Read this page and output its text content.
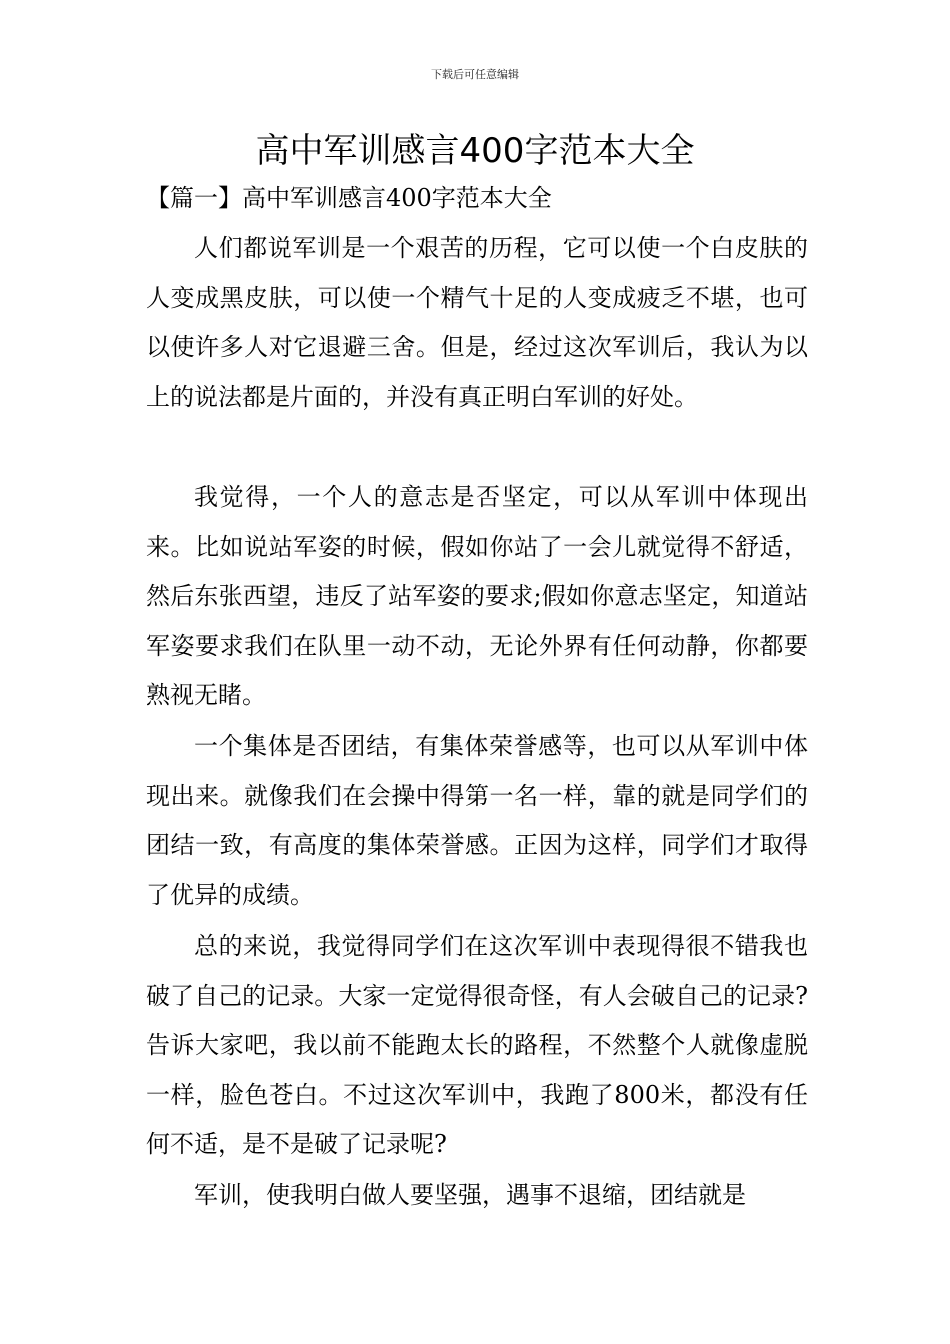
下载后可任意编辑
高中军训感言400字范本大全
【篇一】高中军训感言400字范本大全

人们都说军训是一个艰苦的历程，它可以使一个白皮肤的人变成黑皮肤，可以使一个精气十足的人变成疲乏不堪，也可以使许多人对它退避三舍。但是，经过这次军训后，我认为以上的说法都是片面的，并没有真正明白军训的好处。

我觉得，一个人的意志是否坚定，可以从军训中体现出来。比如说站军姿的时候，假如你站了一会儿就觉得不舒适，然后东张西望，违反了站军姿的要求;假如你意志坚定，知道站军姿要求我们在队里一动不动，无论外界有任何动静，你都要熟视无睹。

一个集体是否团结，有集体荣誉感等，也可以从军训中体现出来。就像我们在会操中得第一名一样，靠的就是同学们的团结一致，有高度的集体荣誉感。正因为这样，同学们才取得了优异的成绩。

总的来说，我觉得同学们在这次军训中表现得很不错我也破了自己的记录。大家一定觉得很奇怪，有人会破自己的记录?告诉大家吧，我以前不能跑太长的路程，不然整个人就像虚脱一样，脸色苍白。不过这次军训中，我跑了800米，都没有任何不适，是不是破了记录呢?

军训，使我明白做人要坚强，遇事不退缩，团结就是
